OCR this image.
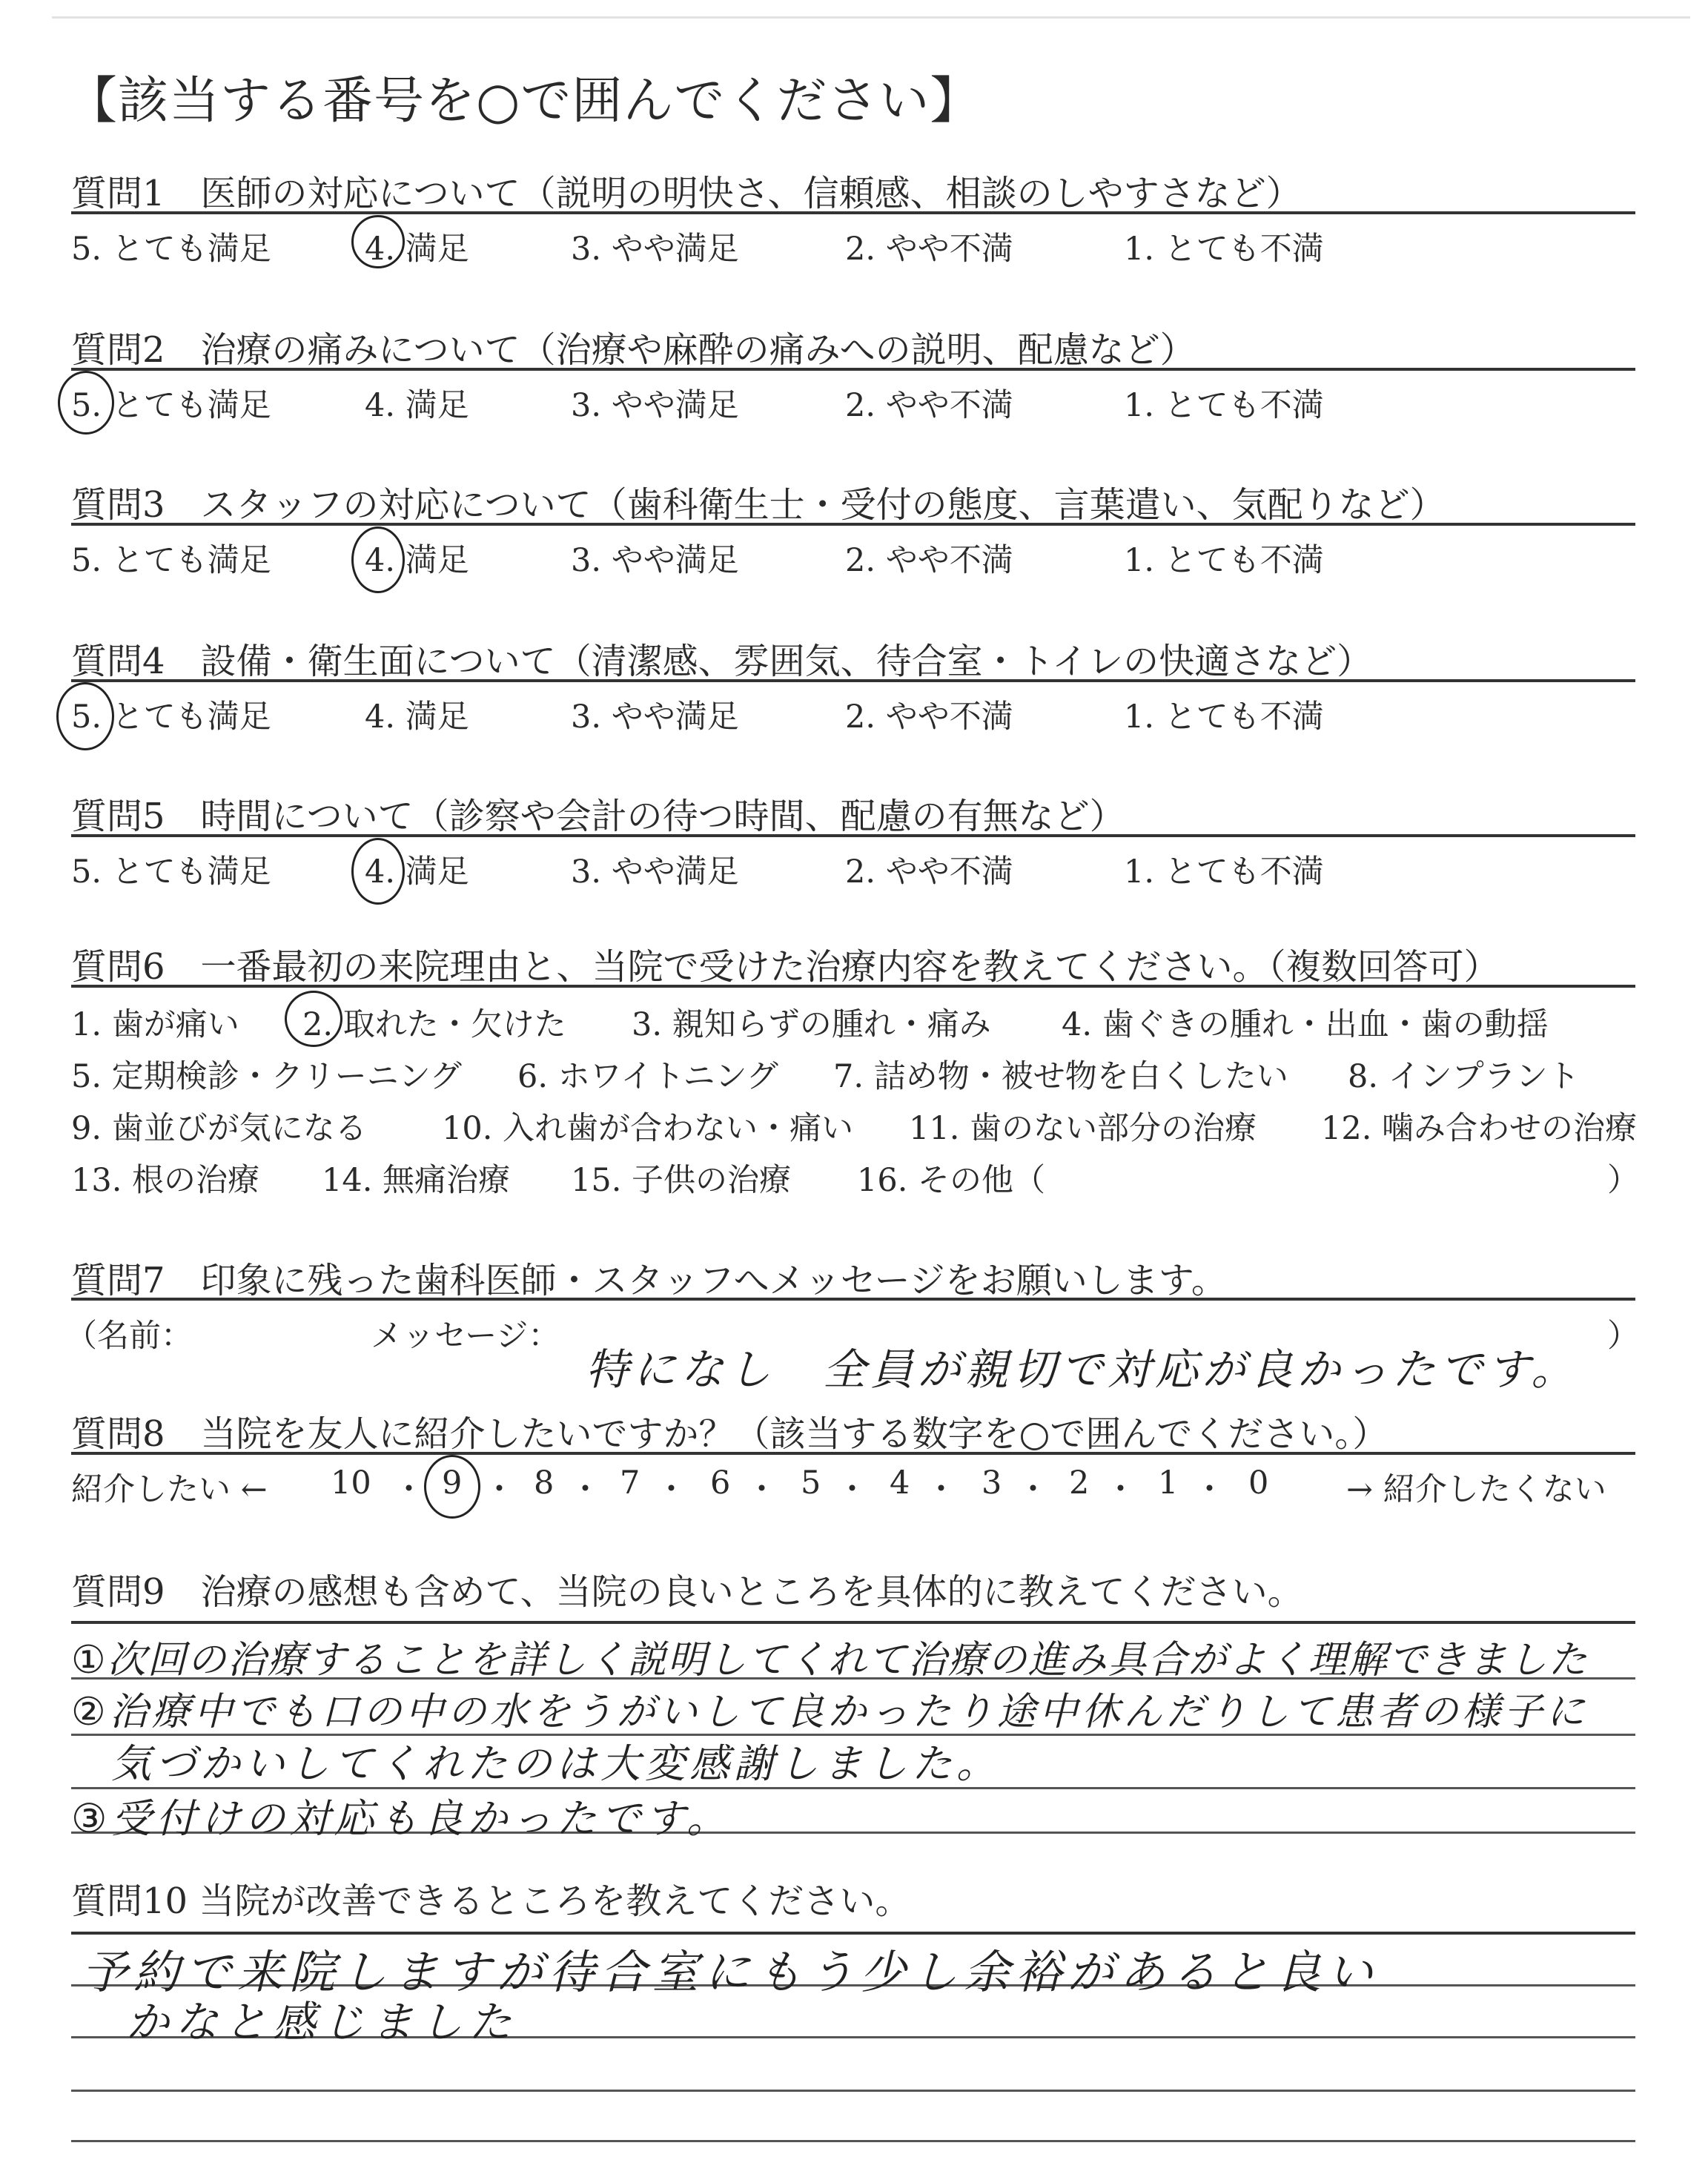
【該当する番号を○で囲んでください】
質問1　医師の対応について（説明の明快さ、信頼感、相談のしやすさなど）
5. とても満足	4. 満足	3. やや満足	2. やや不満	1. とても不満
質問2　治療の痛みについて（治療や麻酔の痛みへの説明、配慮など）
5. とても満足	4. 満足	3. やや満足	2. やや不満	1. とても不満
質問3　スタッフの対応について（歯科衛生士・受付の態度、言葉遣い、気配りなど）
5. とても満足	4. 満足	3. やや満足	2. やや不満	1. とても不満
質問4　設備・衛生面について（清潔感、雰囲気、待合室・トイレの快適さなど）
5. とても満足	4. 満足	3. やや満足	2. やや不満	1. とても不満
質問5　時間について（診察や会計の待つ時間、配慮の有無など）
5. とても満足	4. 満足	3. やや満足	2. やや不満	1. とても不満
質問6　一番最初の来院理由と、当院で受けた治療内容を教えてください。（複数回答可）
1. 歯が痛い 2. 取れた・欠けた 3. 親知らずの腫れ・痛み 4. 歯ぐきの腫れ・出血・歯の動揺
5. 定期検診・クリーニング 6. ホワイトニング 7. 詰め物・被せ物を白くしたい 8. インプラント
9. 歯並びが気になる 10. 入れ歯が合わない・痛い 11. 歯のない部分の治療 12. 噛み合わせの治療
13. 根の治療 14. 無痛治療 15. 子供の治療 16. その他（	）
質問7　印象に残った歯科医師・スタッフへメッセージをお願いします。
（名前：	メッセージ：	）
特になし　全員が親切で対応が良かったです。
質問8　当院を友人に紹介したいですか？（該当する数字を○で囲んでください。）
紹介したい ← 10 ・ 9 ・ 8 ・ 7 ・ 6 ・ 5 ・ 4 ・ 3 ・ 2 ・ 1 ・ 0 → 紹介したくない
質問9　治療の感想も含めて、当院の良いところを具体的に教えてください。
①次回の治療することを詳しく説明してくれて治療の進み具合がよく理解できました
②治療中でも口の中の水をうがいして良かったり途中休んだりして患者の様子に
気づかいしてくれたのは大変感謝しました。
③受付けの対応も良かったです。
質問10 当院が改善できるところを教えてください。
予約で来院しますが待合室にもう少し余裕があると良い
かなと感じました
